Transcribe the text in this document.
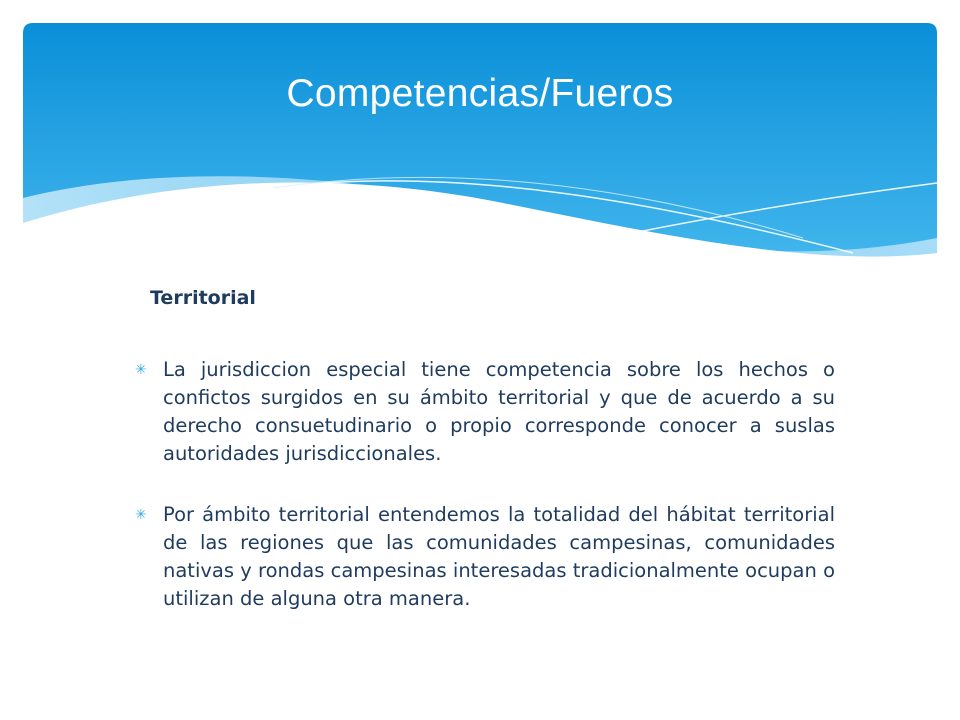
Competencias/Fueros

Territorial

✳ La jurisdiccion especial tiene competencia sobre los hechos o confictos surgidos en su ámbito territorial y que de acuerdo a su derecho consuetudinario o propio corresponde conocer a suslas autoridades jurisdiccionales.
✳ Por ámbito territorial entendemos la totalidad del hábitat territorial de las regiones que las comunidades campesinas, comunidades nativas y rondas campesinas interesadas tradicionalmente ocupan o utilizan de alguna otra manera.
